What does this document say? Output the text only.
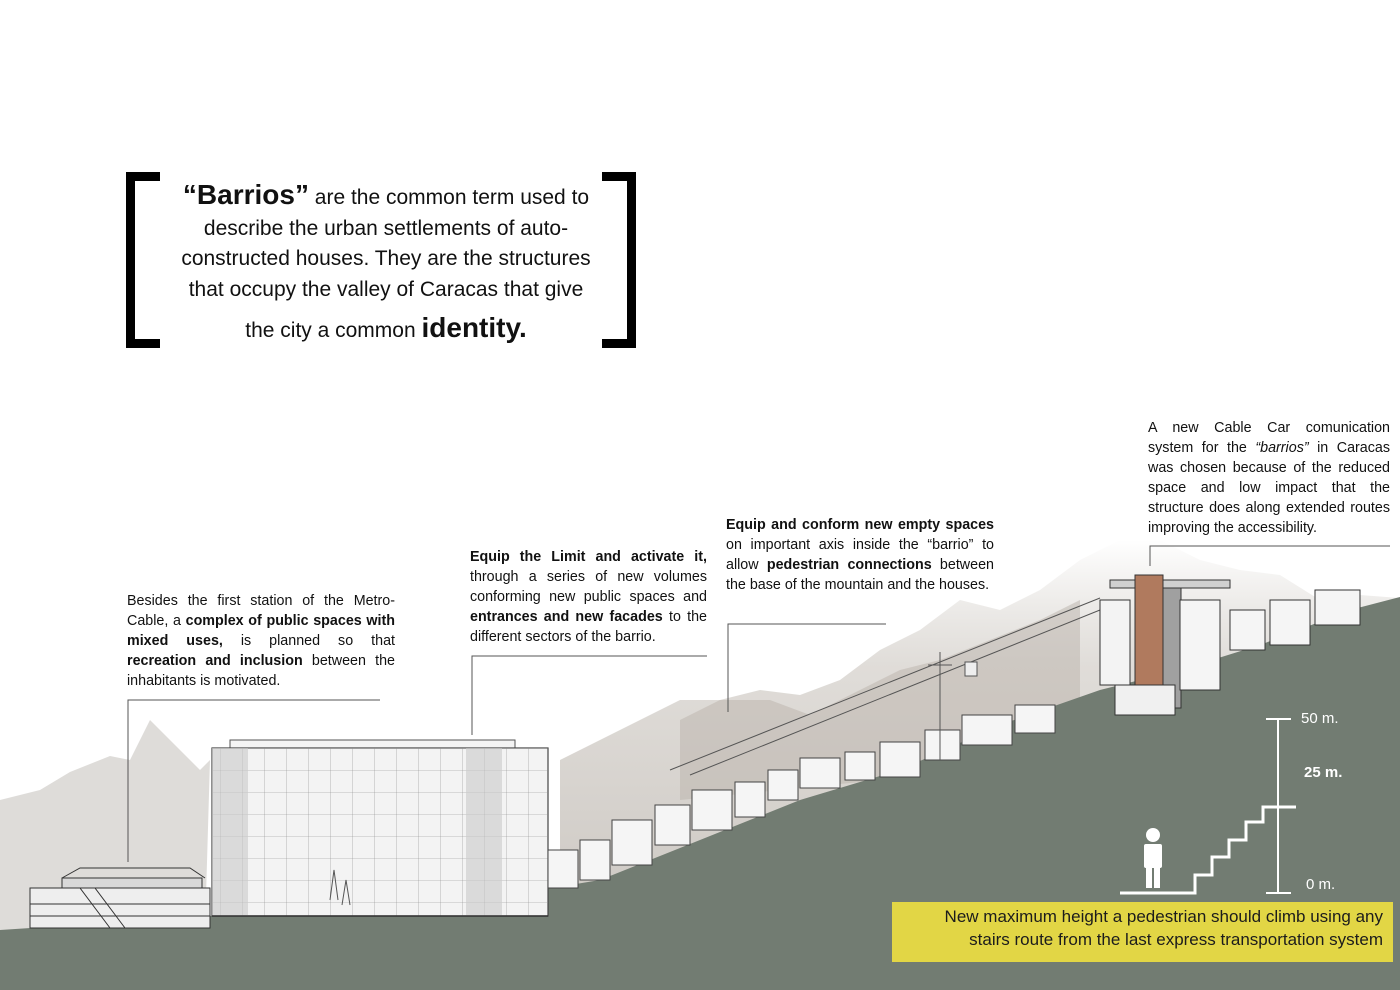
“Barrios” are the common term used to
describe the urban settlements of auto-
constructed houses. They are the structures
that occupy the valley of Caracas that give
the city a common identity.
Besides the first station of the Metro-Cable, a complex of public spaces with mixed uses, is planned so that recreation and inclusion between the inhabitants is motivated.
Equip the Limit and activate it, through a series of new volumes conforming new public spaces and entrances and new facades to the different sectors of the barrio.
Equip and conform new empty spaces on important axis inside the “barrio” to allow pedestrian connections between the base of the mountain and the houses.
A new Cable Car comunication system for the “barrios” in Caracas was chosen because of the reduced space and low impact that the structure does along extended routes improving the accessibility.
50 m.
25 m.
0 m.
New maximum height a pedestrian should climb using any
stairs route from the last express transportation system
